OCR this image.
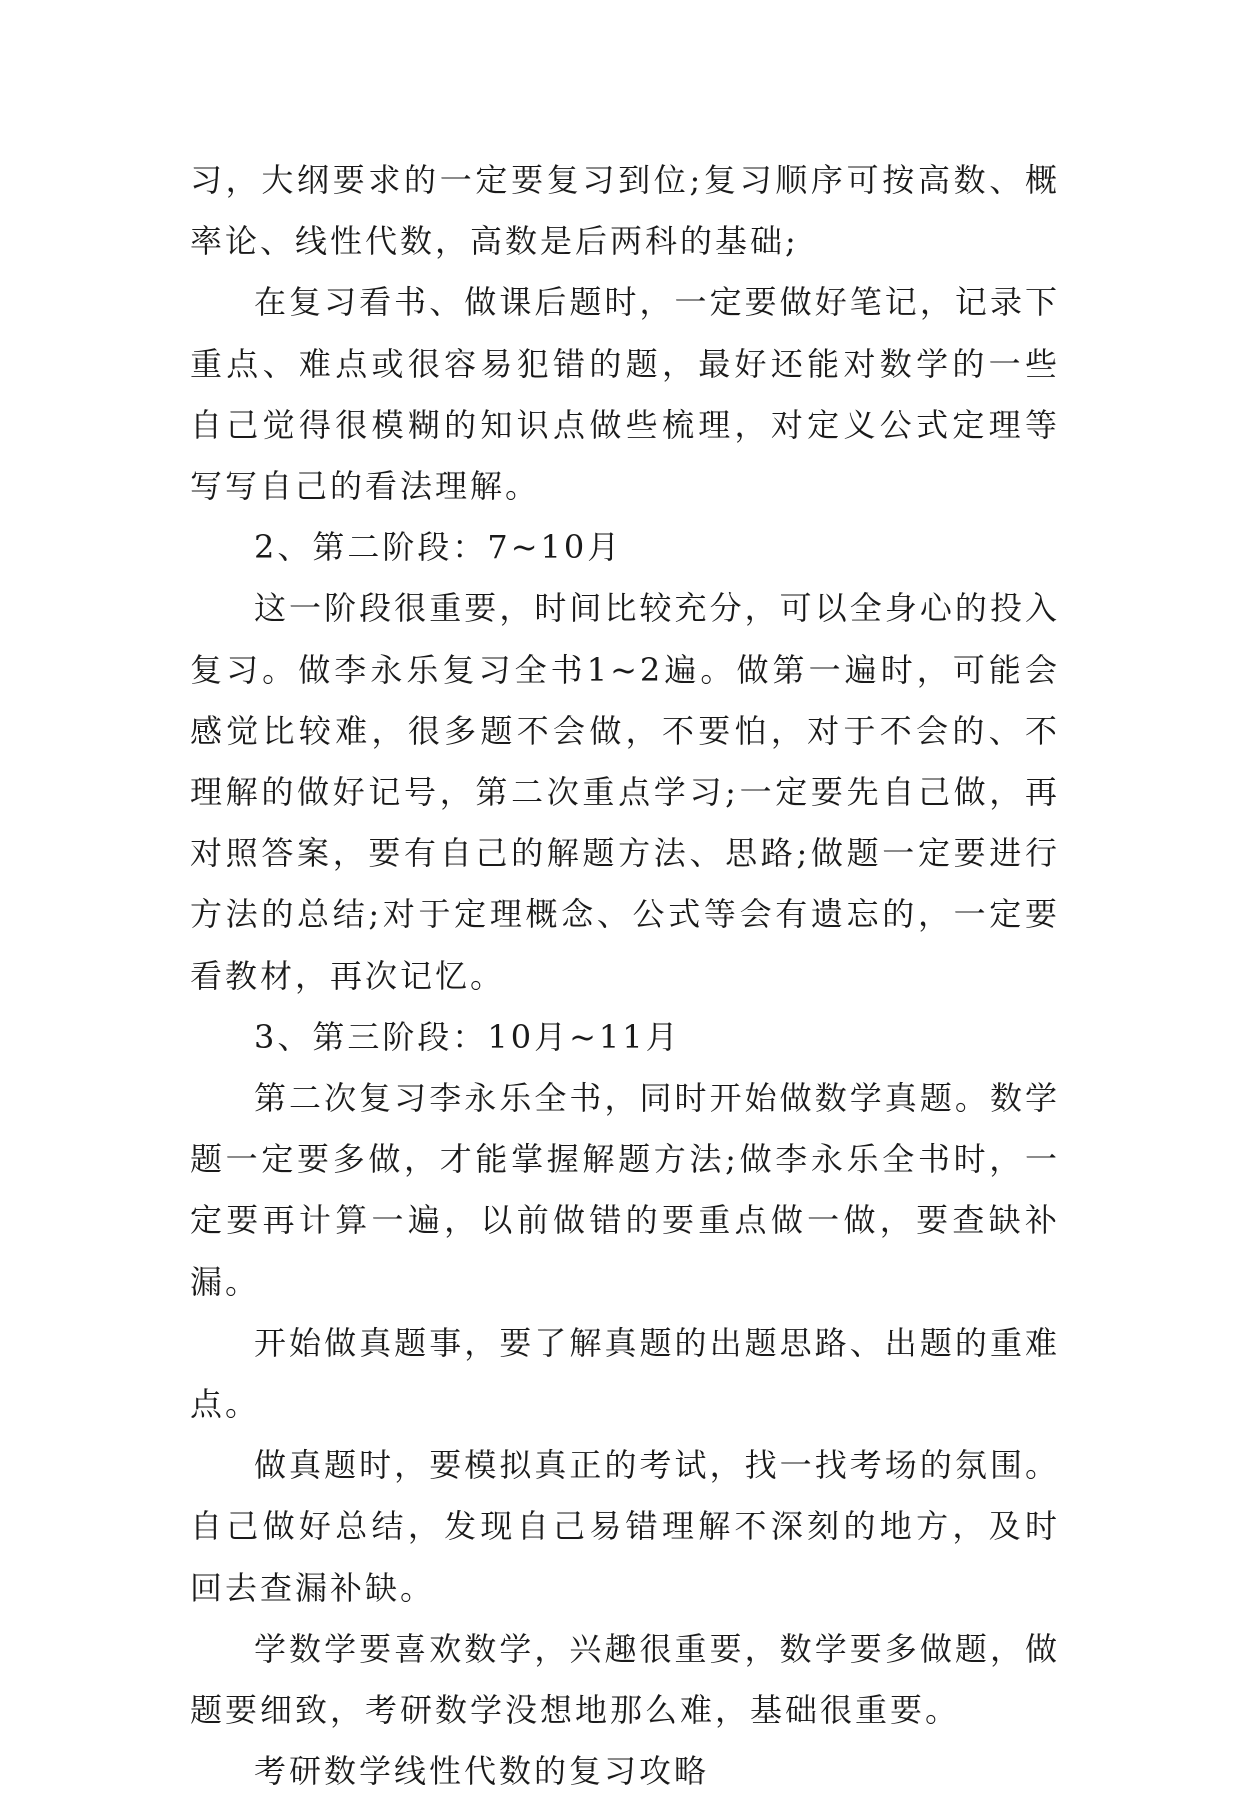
习，大纲要求的一定要复习到位;复习顺序可按高数、概率论、线性代数，高数是后两科的基础;

在复习看书、做课后题时，一定要做好笔记，记录下重点、难点或很容易犯错的题，最好还能对数学的一些自己觉得很模糊的知识点做些梳理，对定义公式定理等写写自己的看法理解。

2、第二阶段：7~10月

这一阶段很重要，时间比较充分，可以全身心的投入复习。做李永乐复习全书1~2遍。做第一遍时，可能会感觉比较难，很多题不会做，不要怕，对于不会的、不理解的做好记号，第二次重点学习;一定要先自己做，再对照答案，要有自己的解题方法、思路;做题一定要进行方法的总结;对于定理概念、公式等会有遗忘的，一定要看教材，再次记忆。

3、第三阶段：10月~11月

第二次复习李永乐全书，同时开始做数学真题。数学题一定要多做，才能掌握解题方法;做李永乐全书时，一定要再计算一遍，以前做错的要重点做一做，要查缺补漏。

开始做真题事，要了解真题的出题思路、出题的重难点。

做真题时，要模拟真正的考试，找一找考场的氛围。自己做好总结，发现自己易错理解不深刻的地方，及时回去查漏补缺。

学数学要喜欢数学，兴趣很重要，数学要多做题，做题要细致，考研数学没想地那么难，基础很重要。

考研数学线性代数的复习攻略
